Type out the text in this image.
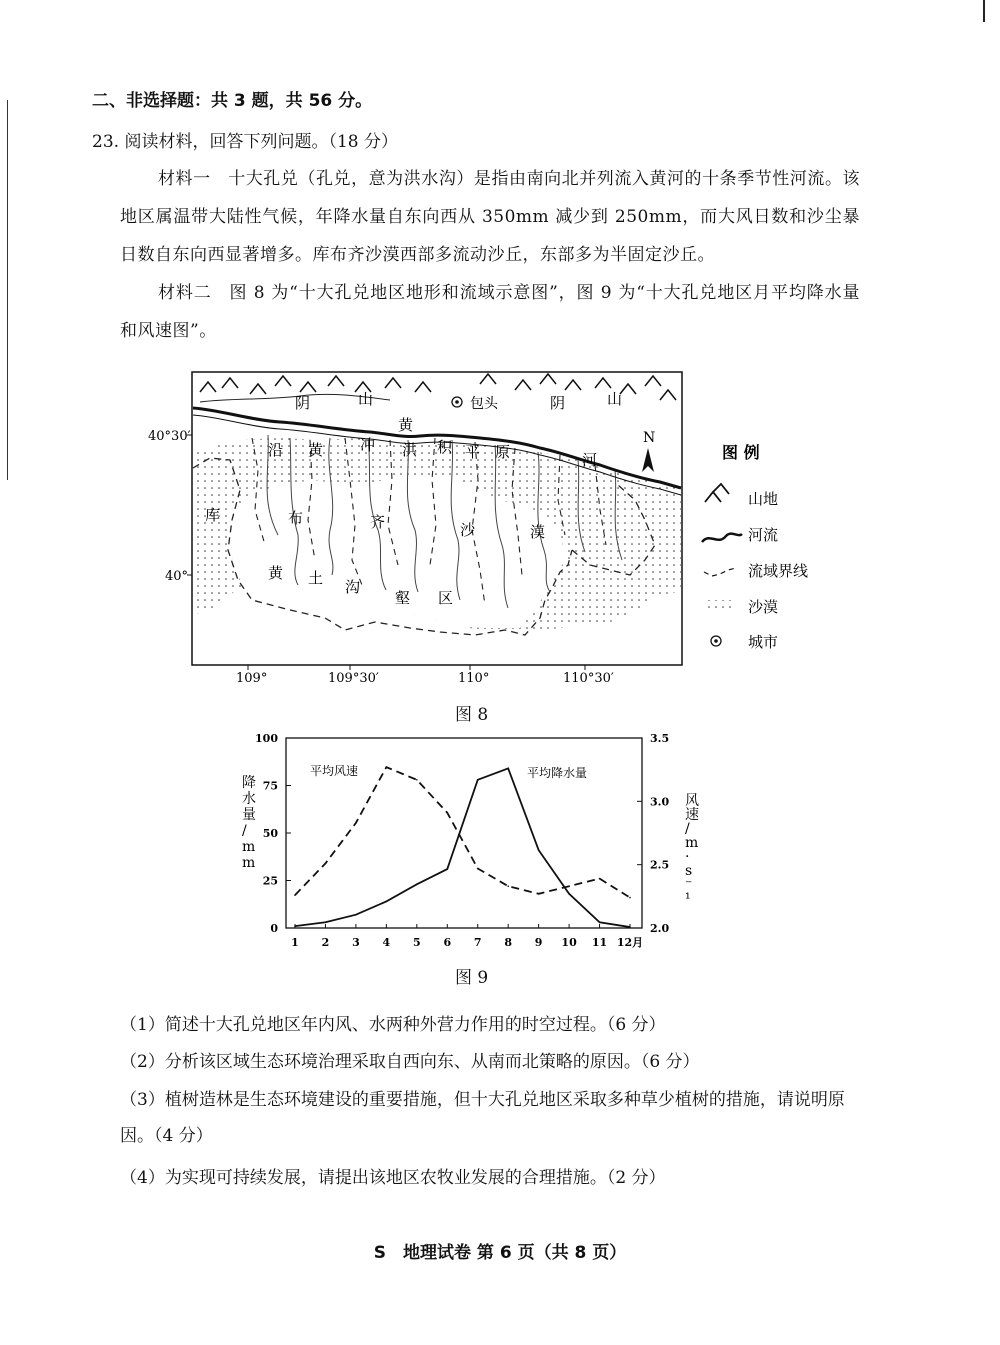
二、非选择题：共 3 题，共 56 分。
23. 阅读材料，回答下列问题。（18 分）
材料一　十大孔兑（孔兑，意为洪水沟）是指由南向北并列流入黄河的十条季节性河流。该地区属温带大陆性气候，年降水量自东向西从 350mm 减少到 250mm，而大风日数和沙尘暴日数自东向西显著增多。库布齐沙漠西部多流动沙丘，东部多为半固定沙丘。
材料二　图 8 为“十大孔兑地区地形和流域示意图”，图 9 为“十大孔兑地区月平均降水量和风速图”。
包头
阴	山	阴	山
黄
河
沿 黄 冲 洪 积 平 原
库	布	齐	沙	漠
黄 土 沟
壑 区
N
40°30′
40°
109°	109°30′	110°	110°30′
图 例
山地
河流
流域界线
沙漠
城市
图 8
100
75
50
25
0
3.5
3.0
2.5
2.0
1 2 3 4 5 6 7 8 9 10 11 12月
平均风速	平均降水量
降水量/ m m
风速/ m · s ⁻ ¹
图 9
（1）简述十大孔兑地区年内风、水两种外营力作用的时空过程。（6 分）
（2）分析该区域生态环境治理采取自西向东、从南而北策略的原因。（6 分）
（3）植树造林是生态环境建设的重要措施，但十大孔兑地区采取多种草少植树的措施，请说明原因。（4 分）
（4）为实现可持续发展，请提出该地区农牧业发展的合理措施。（2 分）
S　地理试卷 第 6 页（共 8 页）
